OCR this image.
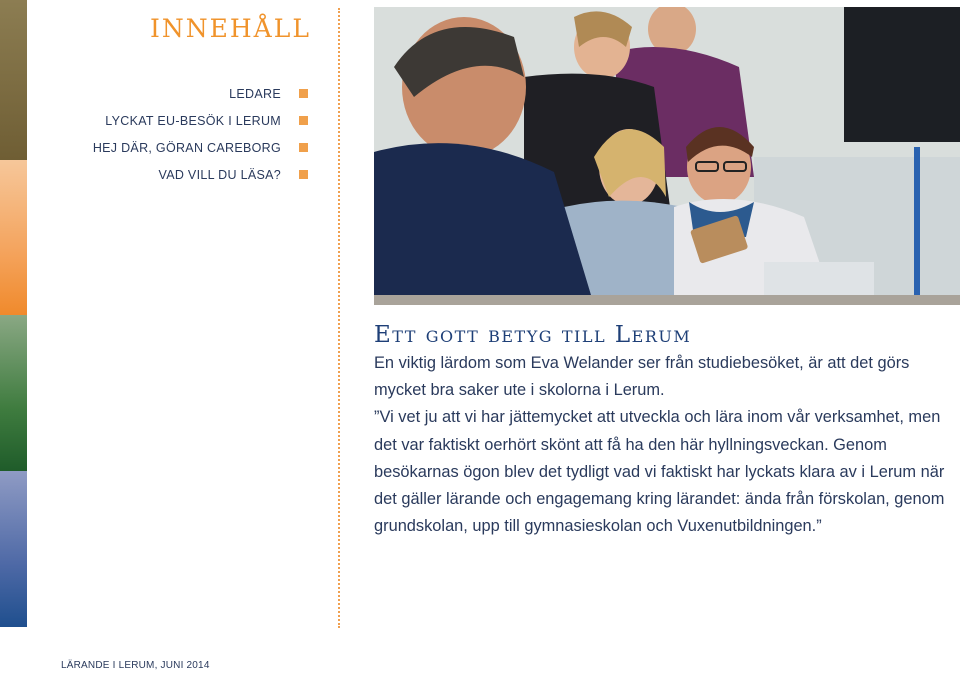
INNEHÅLL
LEDARE
LYCKAT EU-BESÖK I LERUM
HEJ DÄR, GÖRAN CAREBORG
VAD VILL DU LÄSA?
Ett gott betyg till Lerum

En viktig lärdom som Eva Welander ser från studiebesöket, är att det görs mycket bra saker ute i skolorna i Lerum.

”Vi vet ju att vi har jättemycket att utveckla och lära inom vår verksamhet, men det var faktiskt oerhört skönt att få ha den här hyllningsveckan. Genom besökarnas ögon blev det tydligt vad vi faktiskt har lyckats klara av i Lerum när det gäller lärande och engagemang kring lärandet: ända från förskolan, genom grundskolan, upp till gymnasieskolan och Vuxenutbildningen.”

LÄRANDE I LERUM, JUNI 2014
